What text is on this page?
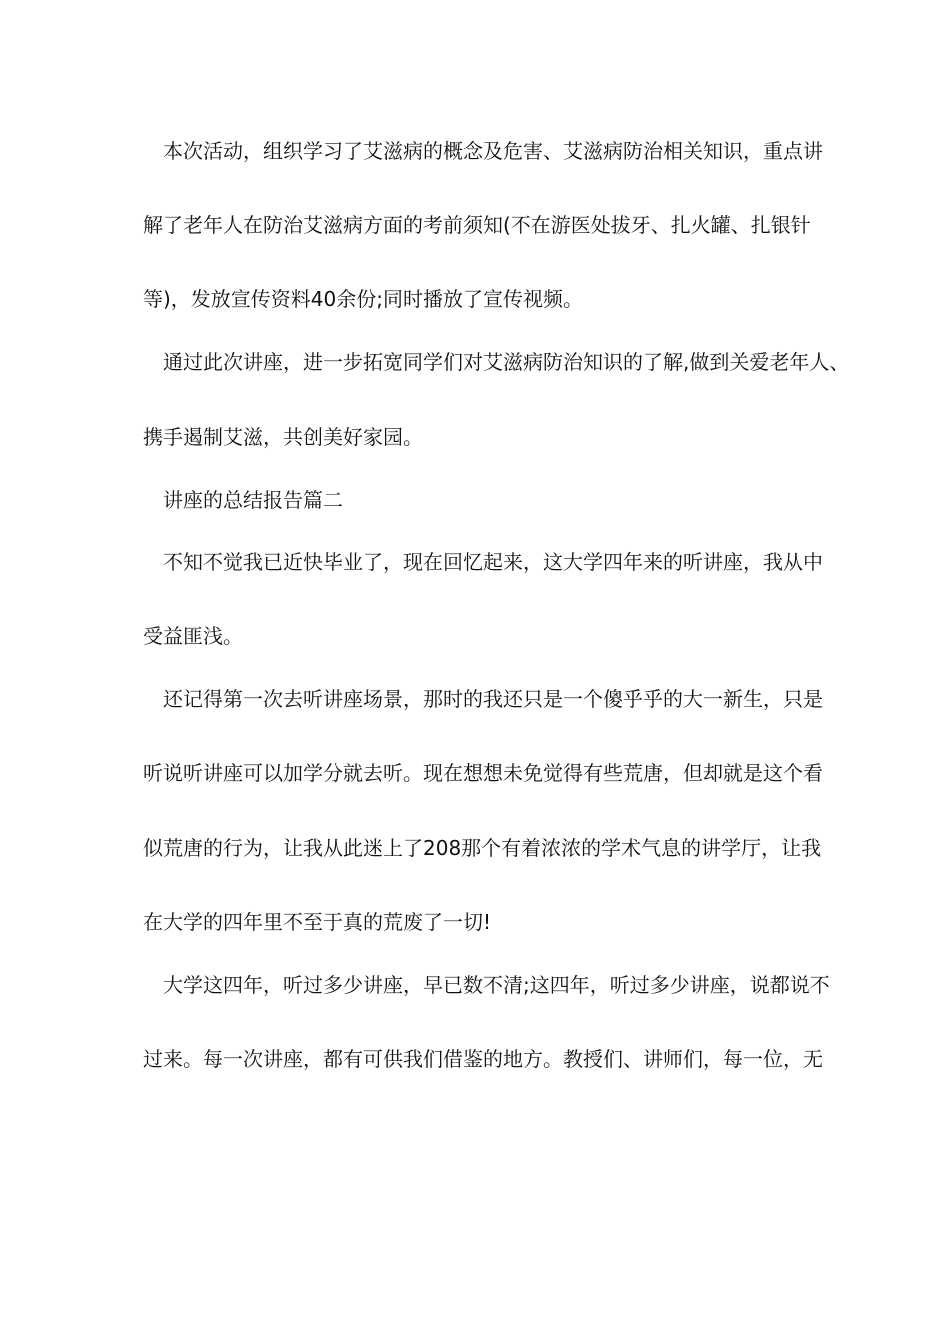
本次活动，组织学习了艾滋病的概念及危害、艾滋病防治相关知识，重点讲

解了老年人在防治艾滋病方面的考前须知(不在游医处拔牙、扎火罐、扎银针

等)，发放宣传资料40余份;同时播放了宣传视频。

通过此次讲座，进一步拓宽同学们对艾滋病防治知识的了解,做到关爱老年人、

携手遏制艾滋，共创美好家园。

讲座的总结报告篇二

不知不觉我已近快毕业了，现在回忆起来，这大学四年来的听讲座，我从中

受益匪浅。

还记得第一次去听讲座场景，那时的我还只是一个傻乎乎的大一新生，只是

听说听讲座可以加学分就去听。现在想想未免觉得有些荒唐，但却就是这个看

似荒唐的行为，让我从此迷上了208那个有着浓浓的学术气息的讲学厅，让我

在大学的四年里不至于真的荒废了一切!

大学这四年，听过多少讲座，早已数不清;这四年，听过多少讲座，说都说不

过来。每一次讲座，都有可供我们借鉴的地方。教授们、讲师们，每一位，无
